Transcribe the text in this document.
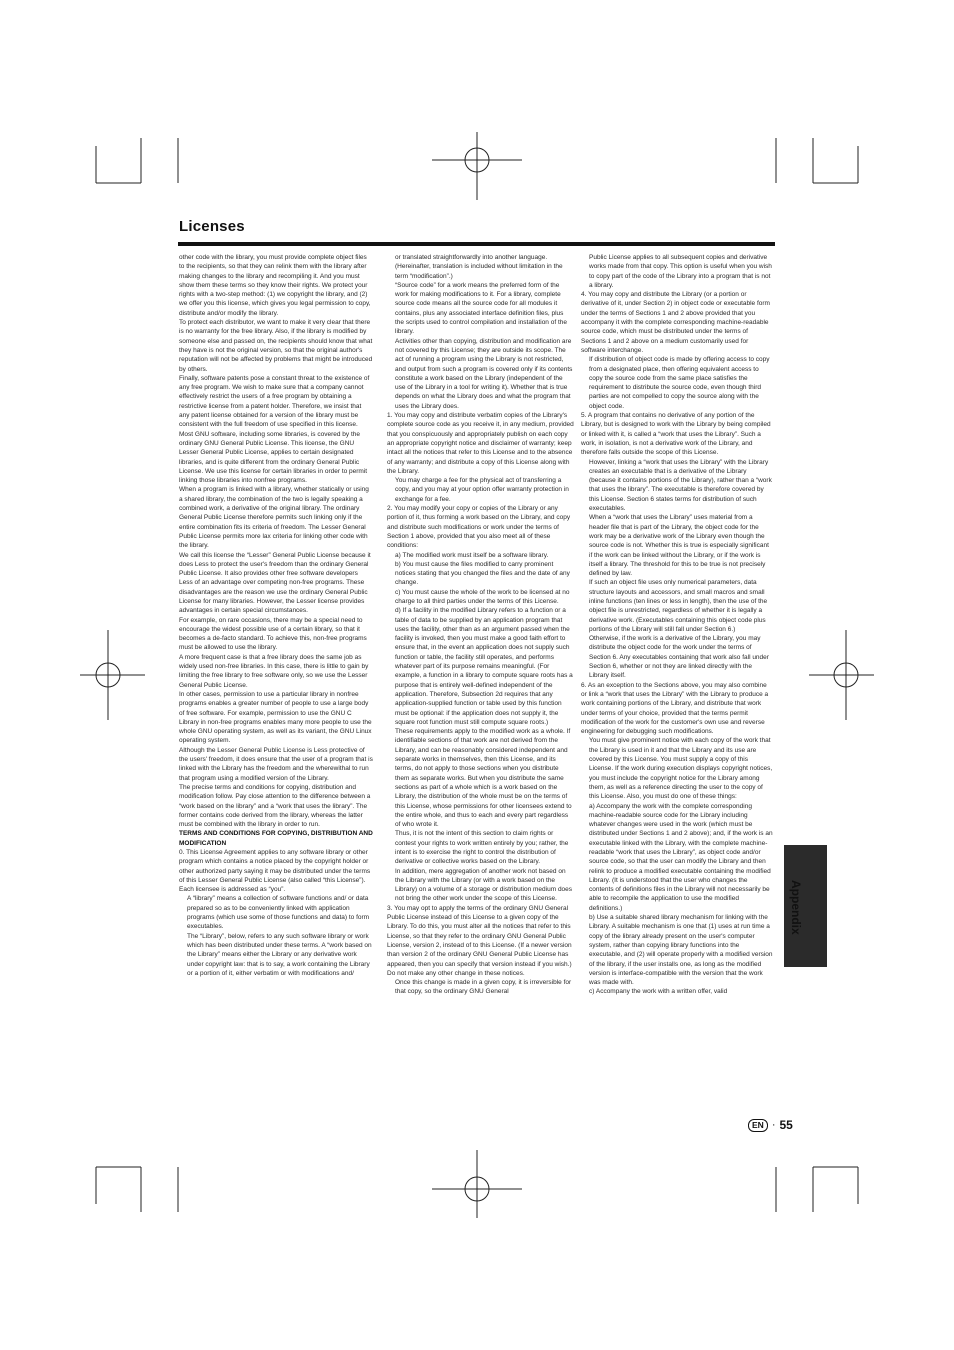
Licenses

other code with the library, you must provide complete object files to the recipients, so that they can relink them with the library after making changes to the library and recompiling it. And you must show them these terms so they know their rights. We protect your rights with a two-step method: (1) we copyright the library, and (2) we offer you this license, which gives you legal permission to copy, distribute and/or modify the library.

To protect each distributor, we want to make it very clear that there is no warranty for the free library. Also, if the library is modified by someone else and passed on, the recipients should know that what they have is not the original version, so that the original author's reputation will not be affected by problems that might be introduced by others.

Finally, software patents pose a constant threat to the existence of any free program. We wish to make sure that a company cannot effectively restrict the users of a free program by obtaining a restrictive license from a patent holder. Therefore, we insist that any patent license obtained for a version of the library must be consistent with the full freedom of use specified in this license.

Most GNU software, including some libraries, is covered by the ordinary GNU General Public License. This license, the GNU Lesser General Public License, applies to certain designated libraries, and is quite different from the ordinary General Public License. We use this license for certain libraries in order to permit linking those libraries into nonfree programs.

When a program is linked with a library, whether statically or using a shared library, the combination of the two is legally speaking a combined work, a derivative of the original library. The ordinary General Public License therefore permits such linking only if the entire combination fits its criteria of freedom. The Lesser General Public License permits more lax criteria for linking other code with the library.

We call this license the “Lesser” General Public License because it does Less to protect the user's freedom than the ordinary General Public License. It also provides other free software developers Less of an advantage over competing non-free programs. These disadvantages are the reason we use the ordinary General Public License for many libraries. However, the Lesser license provides advantages in certain special circumstances.

For example, on rare occasions, there may be a special need to encourage the widest possible use of a certain library, so that it becomes a de-facto standard. To achieve this, non-free programs must be allowed to use the library.

A more frequent case is that a free library does the same job as widely used non-free libraries. In this case, there is little to gain by limiting the free library to free software only, so we use the Lesser General Public License.

In other cases, permission to use a particular library in nonfree programs enables a greater number of people to use a large body of free software. For example, permission to use the GNU C Library in non-free programs enables many more people to use the whole GNU operating system, as well as its variant, the GNU Linux operating system.

Although the Lesser General Public License is Less protective of the users' freedom, it does ensure that the user of a program that is linked with the Library has the freedom and the wherewithal to run that program using a modified version of the Library.

The precise terms and conditions for copying, distribution and modification follow. Pay close attention to the difference between a “work based on the library” and a “work that uses the library”. The former contains code derived from the library, whereas the latter must be combined with the library in order to run.

TERMS AND CONDITIONS FOR COPYING, DISTRIBUTION AND MODIFICATION

0. This License Agreement applies to any software library or other program which contains a notice placed by the copyright holder or other authorized party saying it may be distributed under the terms of this Lesser General Public License (also called “this License”). Each licensee is addressed as “you”.

A “library” means a collection of software functions and/ or data prepared so as to be conveniently linked with application programs (which use some of those functions and data) to form executables.

The “Library”, below, refers to any such software library or work which has been distributed under these terms. A “work based on the Library” means either the Library or any derivative work under copyright law: that is to say, a work containing the Library or a portion of it, either verbatim or with modifications and/

or translated straightforwardly into another language. (Hereinafter, translation is included without limitation in the term “modification”.)

“Source code” for a work means the preferred form of the work for making modifications to it. For a library, complete source code means all the source code for all modules it contains, plus any associated interface definition files, plus the scripts used to control compilation and installation of the library.

Activities other than copying, distribution and modification are not covered by this License; they are outside its scope. The act of running a program using the Library is not restricted, and output from such a program is covered only if its contents constitute a work based on the Library (independent of the use of the Library in a tool for writing it). Whether that is true depends on what the Library does and what the program that uses the Library does.

1. You may copy and distribute verbatim copies of the Library's complete source code as you receive it, in any medium, provided that you conspicuously and appropriately publish on each copy an appropriate copyright notice and disclaimer of warranty; keep intact all the notices that refer to this License and to the absence of any warranty; and distribute a copy of this License along with the Library.

You may charge a fee for the physical act of transferring a copy, and you may at your option offer warranty protection in exchange for a fee.

2. You may modify your copy or copies of the Library or any portion of it, thus forming a work based on the Library, and copy and distribute such modifications or work under the terms of Section 1 above, provided that you also meet all of these conditions:

a) The modified work must itself be a software library.

b) You must cause the files modified to carry prominent notices stating that you changed the files and the date of any change.

c) You must cause the whole of the work to be licensed at no charge to all third parties under the terms of this License.

d) If a facility in the modified Library refers to a function or a table of data to be supplied by an application program that uses the facility, other than as an argument passed when the facility is invoked, then you must make a good faith effort to ensure that, in the event an application does not supply such function or table, the facility still operates, and performs whatever part of its purpose remains meaningful. (For example, a function in a library to compute square roots has a purpose that is entirely well-defined independent of the application. Therefore, Subsection 2d requires that any application-supplied function or table used by this function must be optional: if the application does not supply it, the square root function must still compute square roots.)

These requirements apply to the modified work as a whole. If identifiable sections of that work are not derived from the Library, and can be reasonably considered independent and separate works in themselves, then this License, and its terms, do not apply to those sections when you distribute them as separate works. But when you distribute the same sections as part of a whole which is a work based on the Library, the distribution of the whole must be on the terms of this License, whose permissions for other licensees extend to the entire whole, and thus to each and every part regardless of who wrote it.

Thus, it is not the intent of this section to claim rights or contest your rights to work written entirely by you; rather, the intent is to exercise the right to control the distribution of derivative or collective works based on the Library.

In addition, mere aggregation of another work not based on the Library with the Library (or with a work based on the Library) on a volume of a storage or distribution medium does not bring the other work under the scope of this License.

3. You may opt to apply the terms of the ordinary GNU General Public License instead of this License to a given copy of the Library. To do this, you must alter all the notices that refer to this License, so that they refer to the ordinary GNU General Public License, version 2, instead of to this License. (If a newer version than version 2 of the ordinary GNU General Public License has appeared, then you can specify that version instead if you wish.) Do not make any other change in these notices.

Once this change is made in a given copy, it is irreversible for that copy, so the ordinary GNU General

Public License applies to all subsequent copies and derivative works made from that copy. This option is useful when you wish to copy part of the code of the Library into a program that is not a library.

4. You may copy and distribute the Library (or a portion or derivative of it, under Section 2) in object code or executable form under the terms of Sections 1 and 2 above provided that you accompany it with the complete corresponding machine-readable source code, which must be distributed under the terms of Sections 1 and 2 above on a medium customarily used for software interchange.

If distribution of object code is made by offering access to copy from a designated place, then offering equivalent access to copy the source code from the same place satisfies the requirement to distribute the source code, even though third parties are not compelled to copy the source along with the object code.

5. A program that contains no derivative of any portion of the Library, but is designed to work with the Library by being compiled or linked with it, is called a “work that uses the Library”. Such a work, in isolation, is not a derivative work of the Library, and therefore falls outside the scope of this License.

However, linking a “work that uses the Library” with the Library creates an executable that is a derivative of the Library (because it contains portions of the Library), rather than a “work that uses the library”. The executable is therefore covered by this License. Section 6 states terms for distribution of such executables.

When a “work that uses the Library” uses material from a header file that is part of the Library, the object code for the work may be a derivative work of the Library even though the source code is not. Whether this is true is especially significant if the work can be linked without the Library, or if the work is itself a library. The threshold for this to be true is not precisely defined by law.

If such an object file uses only numerical parameters, data structure layouts and accessors, and small macros and small inline functions (ten lines or less in length), then the use of the object file is unrestricted, regardless of whether it is legally a derivative work. (Executables containing this object code plus portions of the Library will still fall under Section 6.)

Otherwise, if the work is a derivative of the Library, you may distribute the object code for the work under the terms of Section 6. Any executables containing that work also fall under Section 6, whether or not they are linked directly with the Library itself.

6. As an exception to the Sections above, you may also combine or link a “work that uses the Library” with the Library to produce a work containing portions of the Library, and distribute that work under terms of your choice, provided that the terms permit modification of the work for the customer's own use and reverse engineering for debugging such modifications.

You must give prominent notice with each copy of the work that the Library is used in it and that the Library and its use are covered by this License. You must supply a copy of this License. If the work during execution displays copyright notices, you must include the copyright notice for the Library among them, as well as a reference directing the user to the copy of this License. Also, you must do one of these things:

a) Accompany the work with the complete corresponding machine-readable source code for the Library including whatever changes were used in the work (which must be distributed under Sections 1 and 2 above); and, if the work is an executable linked with the Library, with the complete machine-readable “work that uses the Library”, as object code and/or source code, so that the user can modify the Library and then relink to produce a modified executable containing the modified Library. (It is understood that the user who changes the contents of definitions files in the Library will not necessarily be able to recompile the application to use the modified definitions.)

b) Use a suitable shared library mechanism for linking with the Library. A suitable mechanism is one that (1) uses at run time a copy of the library already present on the user's computer system, rather than copying library functions into the executable, and (2) will operate properly with a modified version of the library, if the user installs one, as long as the modified version is interface-compatible with the version that the work was made with.

c) Accompany the work with a written offer, valid

Appendix
EN · 55
